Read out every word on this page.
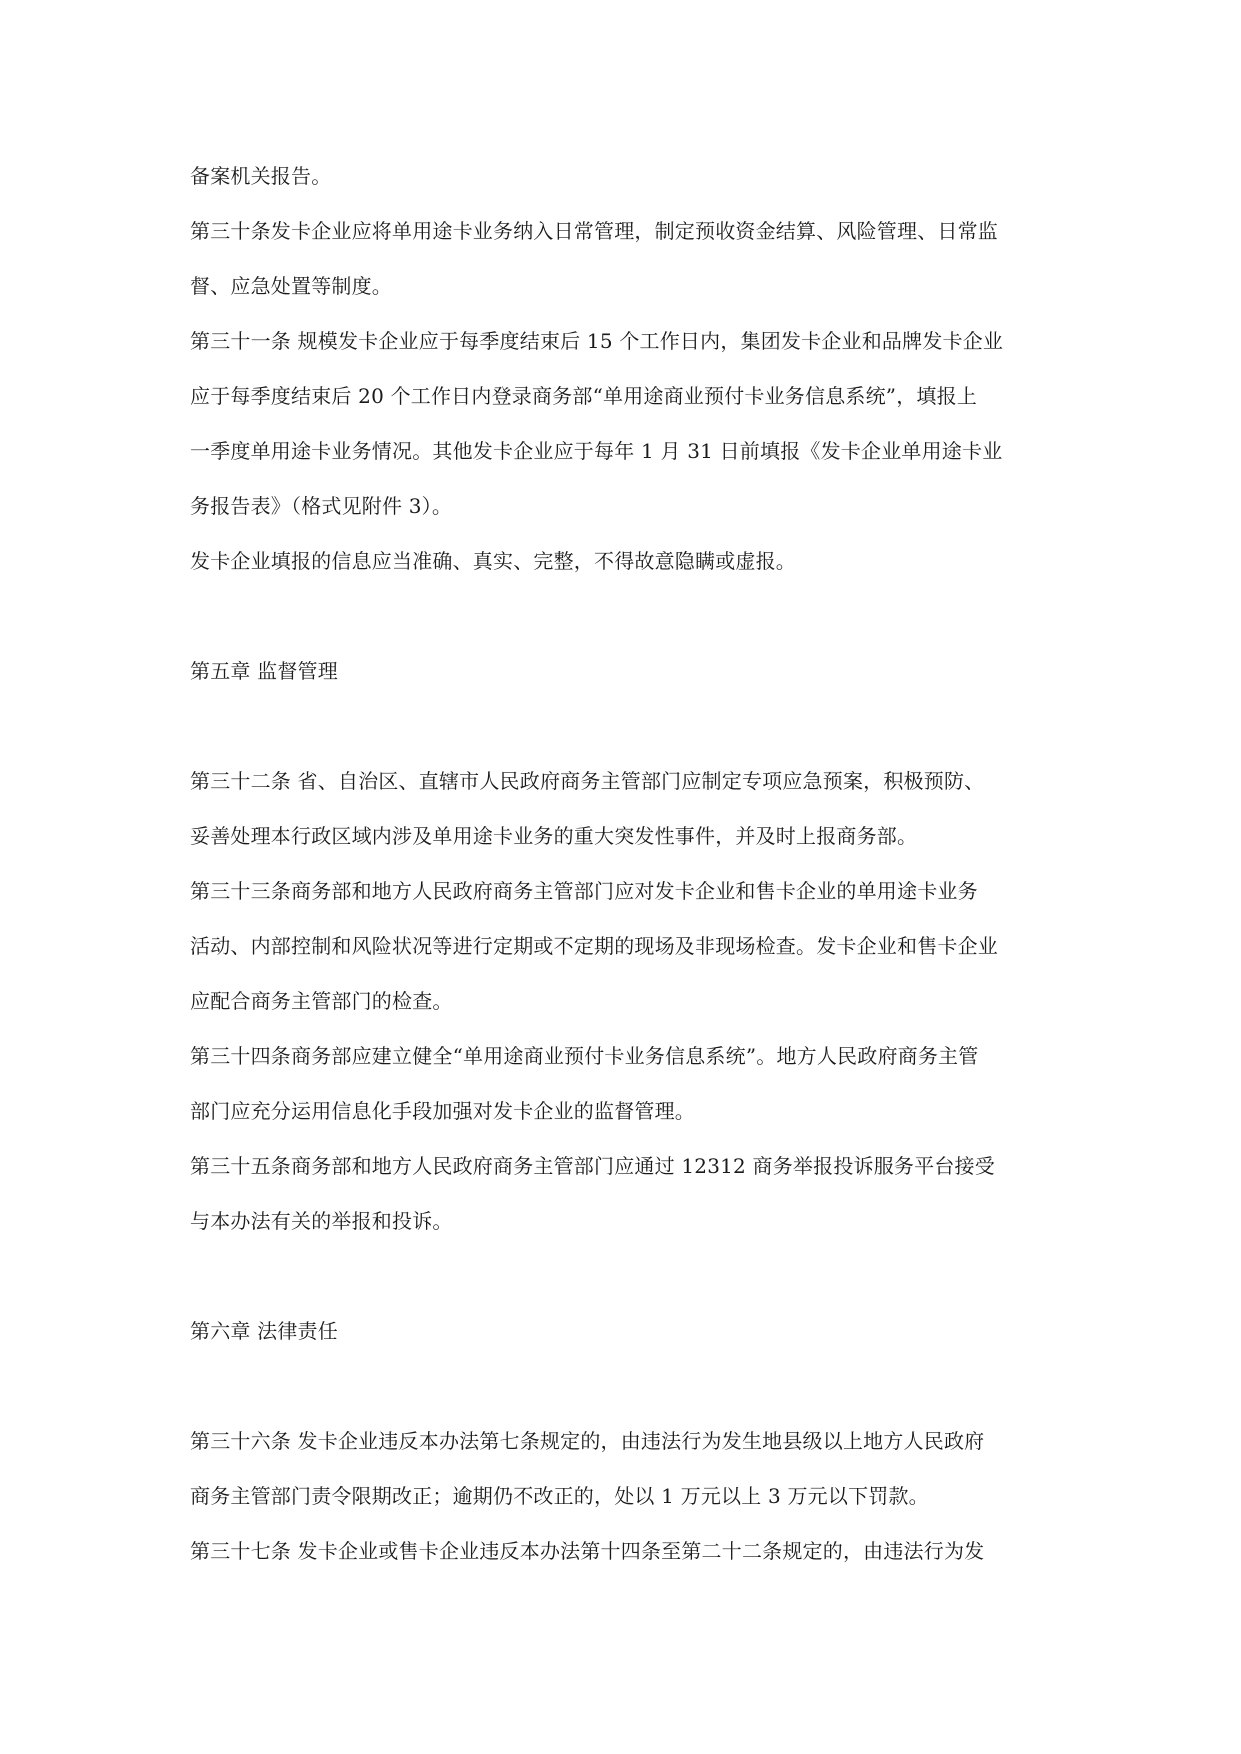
备案机关报告。
第三十条发卡企业应将单用途卡业务纳入日常管理，制定预收资金结算、风险管理、日常监
督、应急处置等制度。
第三十一条 规模发卡企业应于每季度结束后 15 个工作日内，集团发卡企业和品牌发卡企业
应于每季度结束后 20 个工作日内登录商务部“单用途商业预付卡业务信息系统”，填报上
一季度单用途卡业务情况。其他发卡企业应于每年 1 月 31 日前填报《发卡企业单用途卡业
务报告表》（格式见附件 3）。
发卡企业填报的信息应当准确、真实、完整，不得故意隐瞒或虚报。
第五章 监督管理
第三十二条 省、自治区、直辖市人民政府商务主管部门应制定专项应急预案，积极预防、
妥善处理本行政区域内涉及单用途卡业务的重大突发性事件，并及时上报商务部。
第三十三条商务部和地方人民政府商务主管部门应对发卡企业和售卡企业的单用途卡业务
活动、内部控制和风险状况等进行定期或不定期的现场及非现场检查。发卡企业和售卡企业
应配合商务主管部门的检查。
第三十四条商务部应建立健全“单用途商业预付卡业务信息系统”。地方人民政府商务主管
部门应充分运用信息化手段加强对发卡企业的监督管理。
第三十五条商务部和地方人民政府商务主管部门应通过 12312 商务举报投诉服务平台接受
与本办法有关的举报和投诉。
第六章 法律责任
第三十六条 发卡企业违反本办法第七条规定的，由违法行为发生地县级以上地方人民政府
商务主管部门责令限期改正；逾期仍不改正的，处以 1 万元以上 3 万元以下罚款。
第三十七条 发卡企业或售卡企业违反本办法第十四条至第二十二条规定的，由违法行为发
